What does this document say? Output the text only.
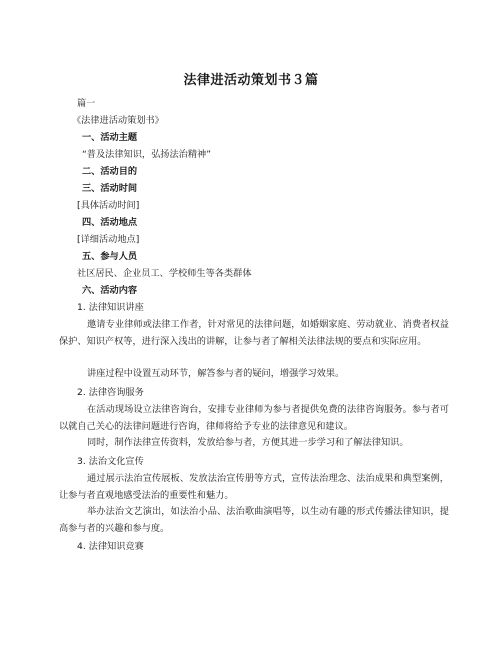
法律进活动策划书３篇
篇一
《法律进活动策划书》
一、活动主题
“普及法律知识，弘扬法治精神”
二、活动目的
三、活动时间
[具体活动时间]
四、活动地点
[详细活动地点]
五、参与人员
社区居民、企业员工、学校师生等各类群体
六、活动内容
1. 法律知识讲座
邀请专业律师或法律工作者，针对常见的法律问题，如婚姻家庭、劳动就业、消费者权益保护、知识产权等，进行深入浅出的讲解，让参与者了解相关法律法规的要点和实际应用。
讲座过程中设置互动环节，解答参与者的疑问，增强学习效果。
2. 法律咨询服务
在活动现场设立法律咨询台，安排专业律师为参与者提供免费的法律咨询服务。参与者可以就自己关心的法律问题进行咨询，律师将给予专业的法律意见和建议。
同时，制作法律宣传资料，发放给参与者，方便其进一步学习和了解法律知识。
3. 法治文化宣传
通过展示法治宣传展板、发放法治宣传册等方式，宣传法治理念、法治成果和典型案例，让参与者直观地感受法治的重要性和魅力。
举办法治文艺演出，如法治小品、法治歌曲演唱等，以生动有趣的形式传播法律知识，提高参与者的兴趣和参与度。
4. 法律知识竞赛
